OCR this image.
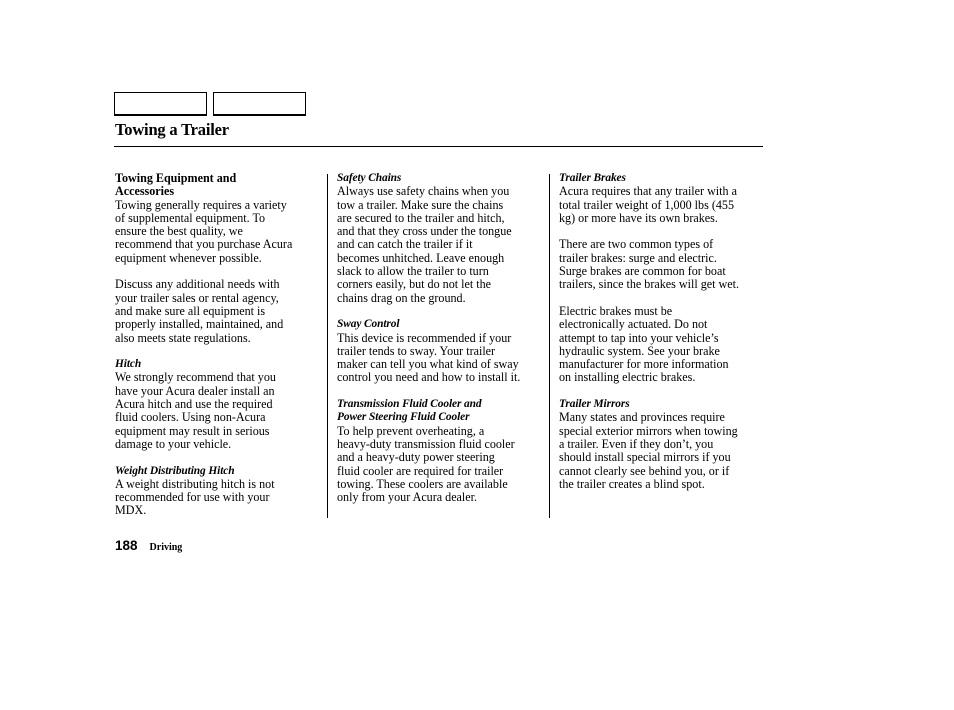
Towing a Trailer
Towing Equipment and
Accessories
Towing generally requires a variety
of supplemental equipment. To
ensure the best quality, we
recommend that you purchase Acura
equipment whenever possible.
Discuss any additional needs with
your trailer sales or rental agency,
and make sure all equipment is
properly installed, maintained, and
also meets state regulations.
Hitch
We strongly recommend that you
have your Acura dealer install an
Acura hitch and use the required
fluid coolers. Using non-Acura
equipment may result in serious
damage to your vehicle.
Weight Distributing Hitch
A weight distributing hitch is not
recommended for use with your
MDX.
Safety Chains
Always use safety chains when you
tow a trailer. Make sure the chains
are secured to the trailer and hitch,
and that they cross under the tongue
and can catch the trailer if it
becomes unhitched. Leave enough
slack to allow the trailer to turn
corners easily, but do not let the
chains drag on the ground.
Sway Control
This device is recommended if your
trailer tends to sway. Your trailer
maker can tell you what kind of sway
control you need and how to install it.
Transmission Fluid Cooler and
Power Steering Fluid Cooler
To help prevent overheating, a
heavy-duty transmission fluid cooler
and a heavy-duty power steering
fluid cooler are required for trailer
towing. These coolers are available
only from your Acura dealer.
Trailer Brakes
Acura requires that any trailer with a
total trailer weight of 1,000 lbs (455
kg) or more have its own brakes.
There are two common types of
trailer brakes: surge and electric.
Surge brakes are common for boat
trailers, since the brakes will get wet.
Electric brakes must be
electronically actuated. Do not
attempt to tap into your vehicle’s
hydraulic system. See your brake
manufacturer for more information
on installing electric brakes.
Trailer Mirrors
Many states and provinces require
special exterior mirrors when towing
a trailer. Even if they don’t, you
should install special mirrors if you
cannot clearly see behind you, or if
the trailer creates a blind spot.
188 Driving
